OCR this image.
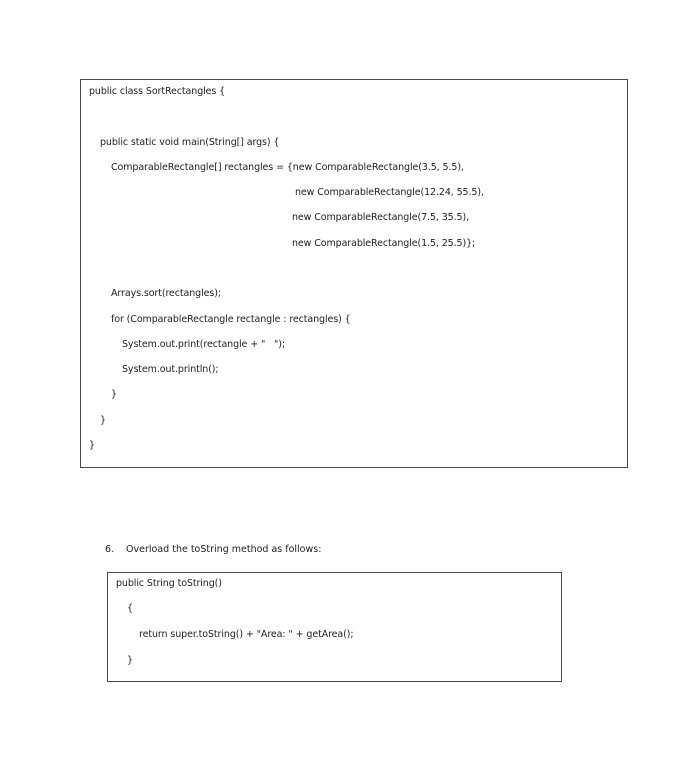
public class SortRectangles {
public static void main(String[] args) {
ComparableRectangle[] rectangles = {new ComparableRectangle(3.5, 5.5),
new ComparableRectangle(12.24, 55.5),
new ComparableRectangle(7.5, 35.5),
new ComparableRectangle(1.5, 25.5)};
Arrays.sort(rectangles);
for (ComparableRectangle rectangle : rectangles) {
System.out.print(rectangle + "   ");
System.out.println();
}
}
}

6. Overload the toString method as follows:

public String toString()
{
return super.toString() + "Area: " + getArea();
}
